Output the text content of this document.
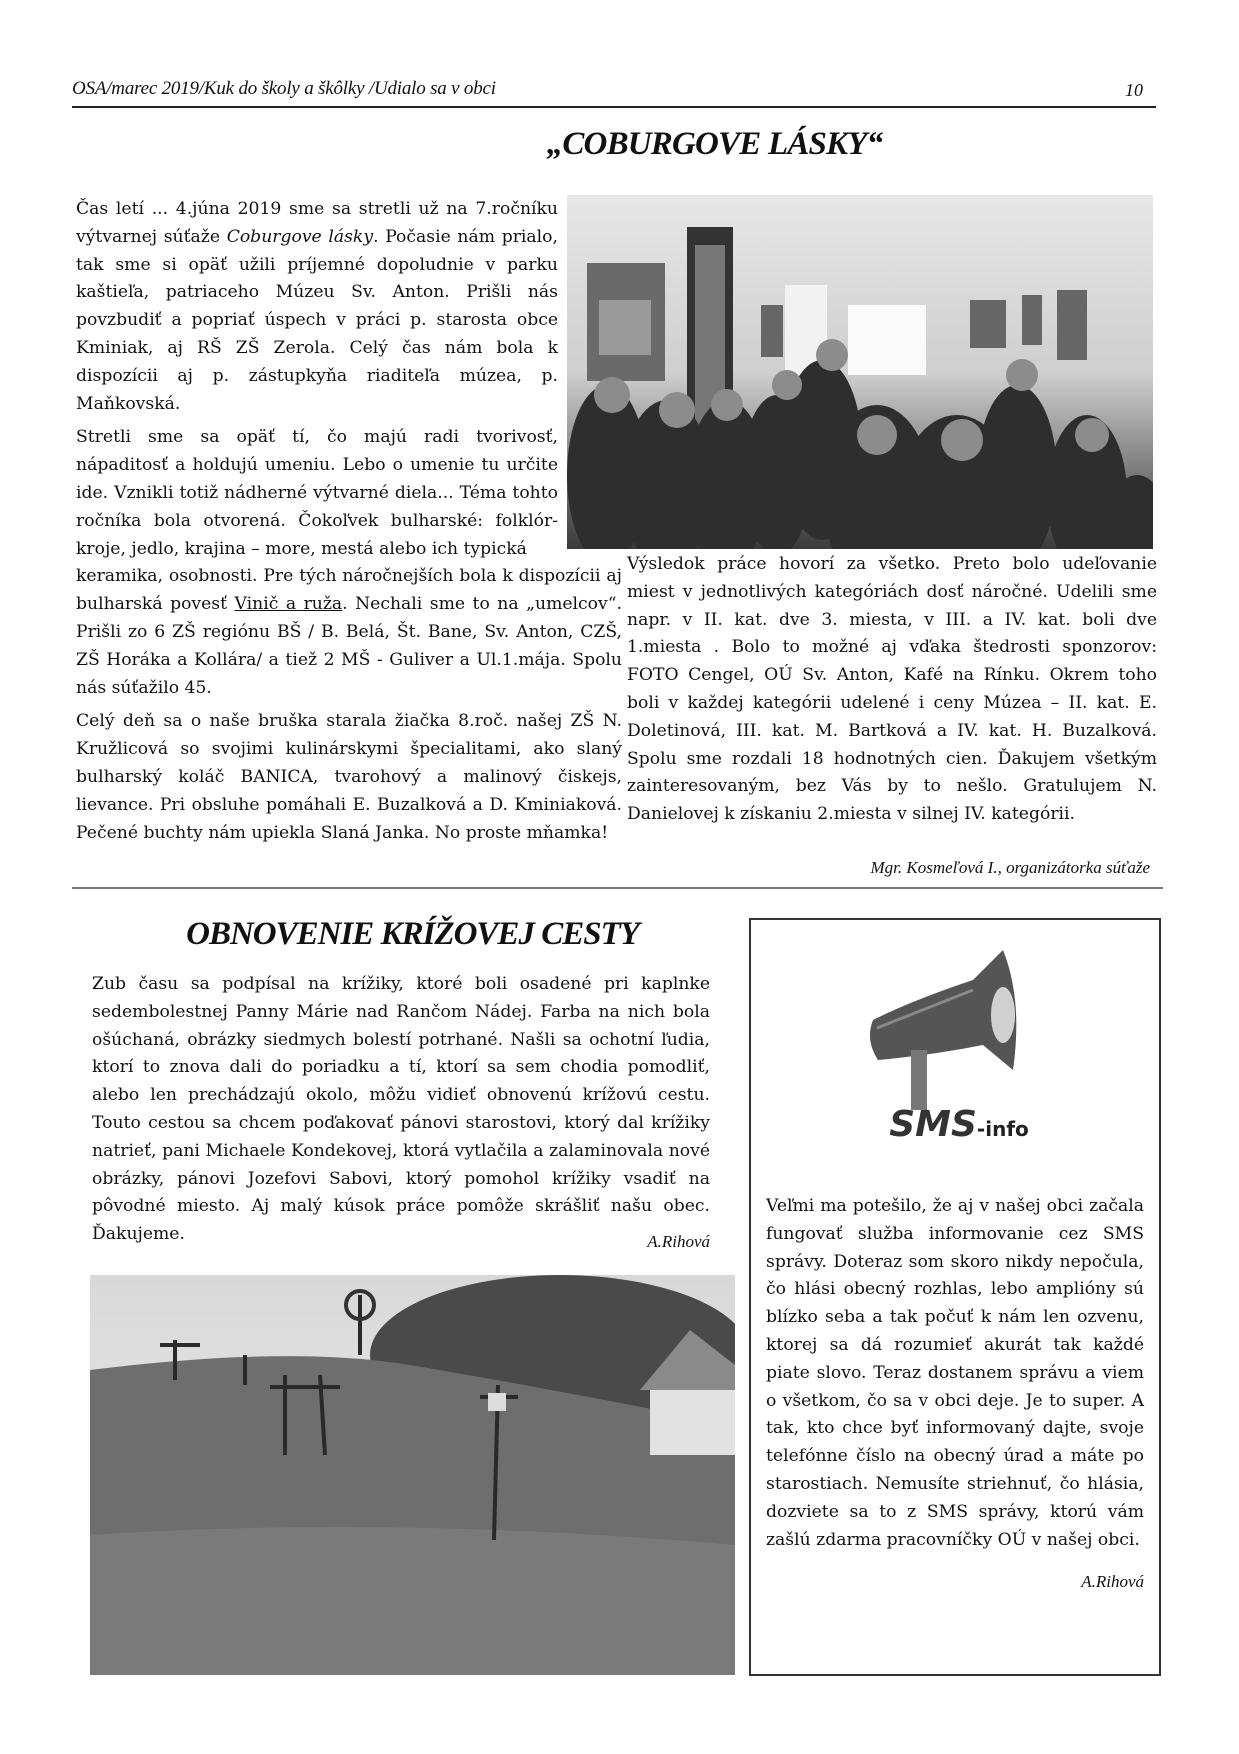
OSA/marec 2019/Kuk do školy a škôlky /Udialo sa v obci	10
„COBURGOVE LÁSKY“

Čas letí ... 4.júna 2019 sme sa stretli už na 7.ročníku výtvarnej súťaže Coburgove lásky. Počasie nám prialo, tak sme si opäť užili príjemné dopoludnie v parku kaštieľa, patriaceho Múzeu Sv. Anton. Prišli nás povzbudiť a popriať úspech v práci p. starosta obce Kminiak, aj RŠ ZŠ Zerola. Celý čas nám bola k dispozícii aj p. zástupkyňa riaditeľa múzea, p. Maňkovská.

Stretli sme sa opäť tí, čo majú radi tvorivosť, nápaditosť a holdujú umeniu. Lebo o umenie tu určite ide. Vznikli totiž nádherné výtvarné diela... Téma tohto ročníka bola otvorená. Čokoľvek bulharské: folklór-kroje, jedlo, krajina – more, mestá alebo ich typická

keramika, osobnosti. Pre tých náročnejších bola k dispozícii aj bulharská povesť Vinič a ruža. Nechali sme to na „umelcov“. Prišli zo 6 ZŠ regiónu BŠ / B. Belá, Št. Bane, Sv. Anton, CZŠ, ZŠ Horáka a Kollára/ a tiež 2 MŠ - Guliver a Ul.1.mája. Spolu nás súťažilo 45.

Celý deň sa o naše bruška starala žiačka 8.roč. našej ZŠ N. Kružlicová so svojimi kulinárskymi špecialitami, ako slaný bulharský koláč BANICA, tvarohový a malinový čiskejs, lievance. Pri obsluhe pomáhali E. Buzalková a D. Kminiaková. Pečené buchty nám upiekla Slaná Janka. No proste mňamka!

Výsledok práce hovorí za všetko. Preto bolo udeľovanie miest v jednotlivých kategóriách dosť náročné. Udelili sme napr. v II. kat. dve 3. miesta, v III. a IV. kat. boli dve 1.miesta . Bolo to možné aj vďaka štedrosti sponzorov: FOTO Cengel, OÚ Sv. Anton, Kafé na Rínku. Okrem toho boli v každej kategórii udelené i ceny Múzea – II. kat. E. Doletinová, III. kat. M. Bartková a IV. kat. H. Buzalková. Spolu sme rozdali 18 hodnotných cien. Ďakujem všetkým zainteresovaným, bez Vás by to nešlo. Gratulujem N. Danielovej k získaniu 2.miesta v silnej IV. kategórii.
Mgr. Kosmeľová I., organizátorka súťaže
OBNOVENIE KRÍŽOVEJ CESTY
Zub času sa podpísal na krížiky, ktoré boli osadené pri kaplnke sedembolestnej Panny Márie nad Rančom Nádej. Farba na nich bola ošúchaná, obrázky siedmych bolestí potrhané. Našli sa ochotní ľudia, ktorí to znova dali do poriadku a tí, ktorí sa sem chodia pomodliť, alebo len prechádzajú okolo, môžu vidieť obnovenú krížovú cestu. Touto cestou sa chcem poďakovať pánovi starostovi, ktorý dal krížiky natrieť, pani Michaele Kondekovej, ktorá vytlačila a zalaminovala nové obrázky, pánovi Jozefovi Sabovi, ktorý pomohol krížiky vsadiť na pôvodné miesto. Aj malý kúsok práce pomôže skrášliť našu obec. Ďakujeme.	A.Rihová
SMS-info
Veľmi ma potešilo, že aj v našej obci začala fungovať služba informovanie cez SMS správy. Doteraz som skoro nikdy nepočula, čo hlási obecný rozhlas, lebo amplióny sú blízko seba a tak počuť k nám len ozvenu, ktorej sa dá rozumieť akurát tak každé piate slovo. Teraz dostanem správu a viem o všetkom, čo sa v obci deje. Je to super. A tak, kto chce byť informovaný dajte, svoje telefónne číslo na obecný úrad a máte po starostiach. Nemusíte striehnuť, čo hlásia, dozviete sa to z SMS správy, ktorú vám zašlú zdarma pracovníčky OÚ v našej obci.
A.Rihová
